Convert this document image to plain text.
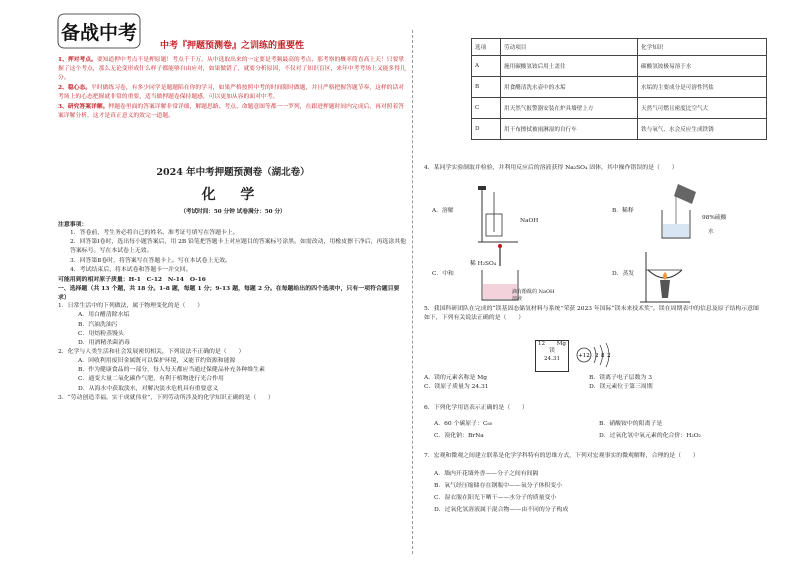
备战中考
中考『押题预测卷』之训练的重要性

1、押对考点。要知道押中考点不是押原题！考点千千万，从中选取出来的一定要是考频最高的考点，那考察的概率简直高上天！只要掌握了这个考点，那么无论变形成什么样子都能够自由应对，如果做错了，就要分析原因，不仅对了知识盲区，来年中考考场上又能多得几分。

2、稳心态。平时做练习卷，有多少同学是题题陷在你的学习，如果严格按照中考的时间限时做题，并且严格把握答题节奏，这样的话对考场上的心态把握就非常的重要，适当做押题卷保持题感，可以更加从容的面对中考。

3、研究答案详解。押题卷里面的答案详解非常详细，解题思路、考点、命题意图等都一一罗列，在跟进押题时间内完成后，再对照着答案详解分析，这才是真正意义的效完一道题。

2024 年中考押题预测卷（湖北卷）
化 学
（考试时间：50 分钟 试卷满分：50 分）

注意事项：

1．答卷前，考生务必将自己的姓名、准考证号填写在答题卡上。

2．回答第Ⅰ卷时，选出每小题答案后，用 2B 铅笔把答题卡上对应题目的答案标号涂黑。如需改动，用橡皮擦干净后，再选涂其他答案标号。写在本试卷上无效。

3．回答第Ⅱ卷时，将答案写在答题卡上。写在本试卷上无效。

4．考试结束后，将本试卷和答题卡一并交回。

可能用到的相对原子质量：H-1　C-12　N-14　O-16

一、选择题（共 13 个题，共 18 分。1-8 题，每题 1 分；9-13 题，每题 2 分。在每题给出的四个选项中，只有一项符合题目要求）

1．日常生活中的下列做法，属于物理变化的是（　　）

A．用白醋清除水垢

B．汽油洗油污

C．用焙粉蒸馒头

D．用酒精杀菌消毒

2．化学与人类生活和社会发展密切相关，下列说法不正确的是（　　）

A．回收利用废旧金属既可以保护环境，又能节约资源和能源

B．作为健康食品的一部分，每人每天都应当通过保健品补充各种维生素

C．通变大量二氧化碳作气肥，有利于植物进行光合作用

D．从海水中获取淡水，对解决淡水危机具有重要意义

3．“劳动创造幸福，实干成就伟业”，下列劳动所涉及的化学知识正确的是（　　）

选项	劳动项目	化学知识
A	施用碳酸氢铵后用土盖住	碳酸氢铵极易溶于水
B	用食醋清洗水壶中的水垢	水垢的主要成分是可溶性钙盐
C	用天然气报警器安装在炉具墙壁上方	天然气可燃且密度比空气大
D	用干布擦拭被雨淋湿的自行车	铁与氧气、水会反应生成铁锈
4．某同学实验制取并检验，并利用反应后的溶液获得 Na₂SO₄ 固体，其中操作错误的是（　　）
A．溶解	B．稀释
C．中和	D．蒸发
NaOH	98%硫酸
水
稀 H₂SO₄
滴有酚酞的 NaOH 溶液
5．我国科研团队在完成的“镁基固态储氢材料与系统”荣获 2023 年国际“镁未来技术奖”。镁在周期表中的信息及原子结构示意图如下，下列有关说法正确的是（　　）
12 Mg
镁
24.31	+12 2 8 2
A．镁的元素名称是 Mg	B．镁离子电子层数为 3
C．镁原子质量为 24.31	D．镁元素位于第三周期
6．下列化学用语表示正确的是（　　）
A．60 个碳原子：C₆₀	B．硝酸铵中的阳离子是
C．溴化钠：BrNa	D．过氧化氢中氧元素的化合价：H₂O₂
7．宏观和微观之间建立联系是化学学科特有的思维方式，下列对宏观事实的微观解释，合理的是（　　）

A．墙内开花墙外香——分子之间有间隔

B．氧气经压缩储存在钢瓶中——氧分子体积变小

C．湿衣服在阳光下晒干——水分子的质量变小

D．过氧化氢溶液属于混合物——由不同的分子构成
